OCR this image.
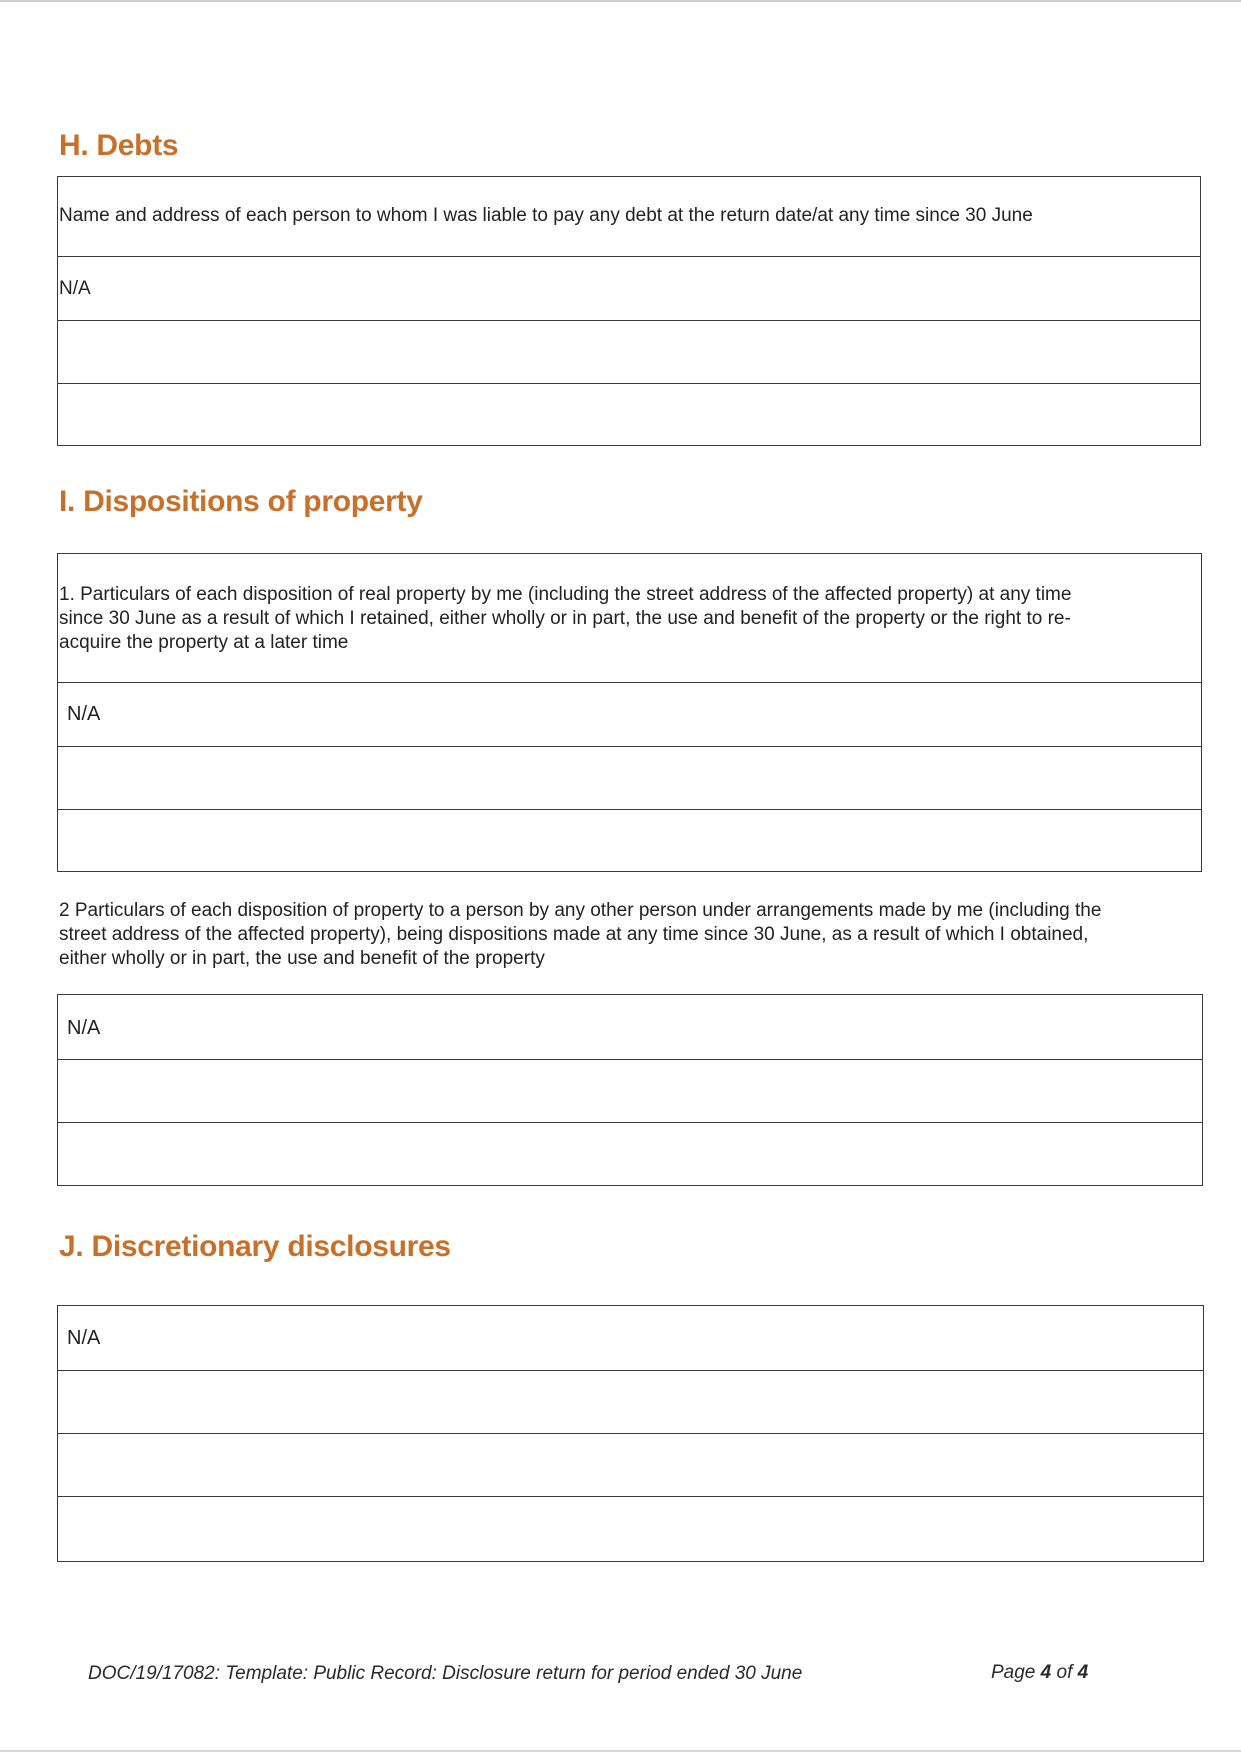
H. Debts
Name and address of each person to whom I was liable to pay any debt at the return date/at any time since 30 June
N/A
I. Dispositions of property
1. Particulars of each disposition of real property by me (including the street address of the affected property) at any time
since 30 June as a result of which I retained, either wholly or in part, the use and benefit of the property or the right to re-
acquire the property at a later time
N/A
2 Particulars of each disposition of property to a person by any other person under arrangements made by me (including the
street address of the affected property), being dispositions made at any time since 30 June, as a result of which I obtained,
either wholly or in part, the use and benefit of the property
N/A
J. Discretionary disclosures
N/A
DOC/19/17082: Template: Public Record: Disclosure return for period ended 30 June	Page 4 of 4
